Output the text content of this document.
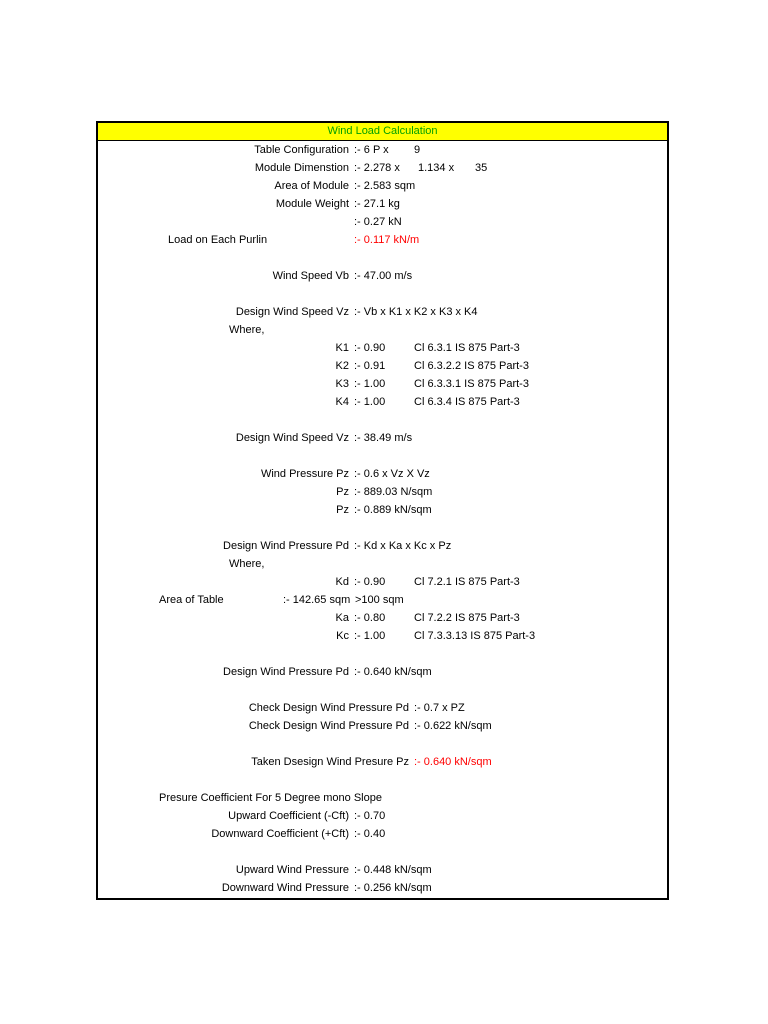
Wind Load Calculation
Table Configuration :- 6 P x 9
Module Dimenstion :- 2.278 x 1.134 x 35
Area of Module :- 2.583 sqm
Module Weight :- 27.1 kg
:- 0.27 kN
Load on Each Purlin	:- 0.117 kN/m
Wind Speed Vb :- 47.00 m/s
Design Wind Speed Vz :- Vb x K1 x K2 x K3 x K4
Where,
K1 :- 0.90	Cl 6.3.1 IS 875 Part-3
K2 :- 0.91	Cl 6.3.2.2 IS 875 Part-3
K3 :- 1.00	Cl 6.3.3.1 IS 875 Part-3
K4 :- 1.00	Cl 6.3.4 IS 875 Part-3
Design Wind Speed Vz :- 38.49 m/s
Wind Pressure Pz :- 0.6 x Vz X Vz
Pz :- 889.03 N/sqm
Pz :- 0.889 kN/sqm
Design Wind Pressure Pd :- Kd x Ka x Kc x Pz
Where,
Kd :- 0.90	Cl 7.2.1 IS 875 Part-3
Area of Table	:- 142.65 sqm >100 sqm
Ka :- 0.80	Cl 7.2.2 IS 875 Part-3
Kc :- 1.00	Cl 7.3.3.13 IS 875 Part-3
Design Wind Pressure Pd :- 0.640 kN/sqm
Check Design Wind Pressure Pd :- 0.7 x PZ
Check Design Wind Pressure Pd :- 0.622 kN/sqm
Taken Dsesign Wind Presure Pz :- 0.640 kN/sqm
Presure Coefficient For 5 Degree mono Slope
Upward Coefficient (-Cft) :- 0.70
Downward Coefficient (+Cft) :- 0.40
Upward Wind Pressure :- 0.448 kN/sqm
Downward Wind Pressure :- 0.256 kN/sqm
